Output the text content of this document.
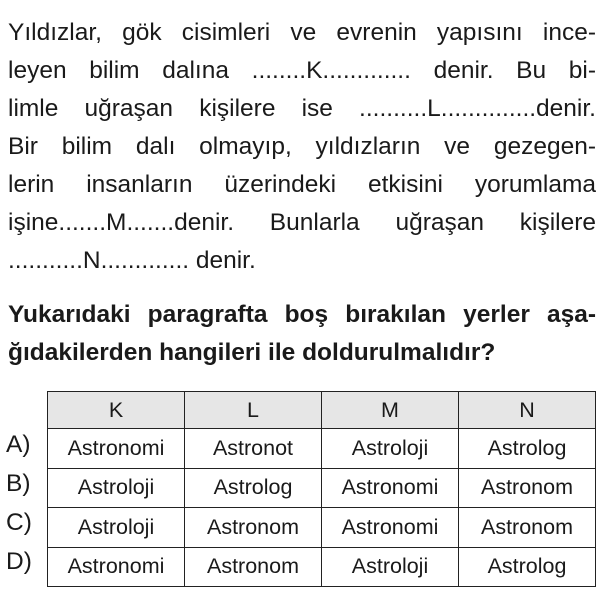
Yıldızlar, gök cisimleri ve evrenin yapısını ince-
leyen bilim dalına ........K............. denir. Bu bi-
limle uğraşan kişilere ise ..........L..............denir.
Bir bilim dalı olmayıp, yıldızların ve gezegen-
lerin insanların üzerindeki etkisini yorumlama
işine.......M.......denir. Bunlarla uğraşan kişilere
...........N............. denir.
Yukarıdaki paragrafta boş bırakılan yerler aşa-
ğıdakilerden hangileri ile doldurulmalıdır?
A)
B)
C)
D)
K	L	M	N
Astronomi	Astronot	Astroloji	Astrolog
Astroloji	Astrolog	Astronomi	Astronom
Astroloji	Astronom	Astronomi	Astronom
Astronomi	Astronom	Astroloji	Astrolog
